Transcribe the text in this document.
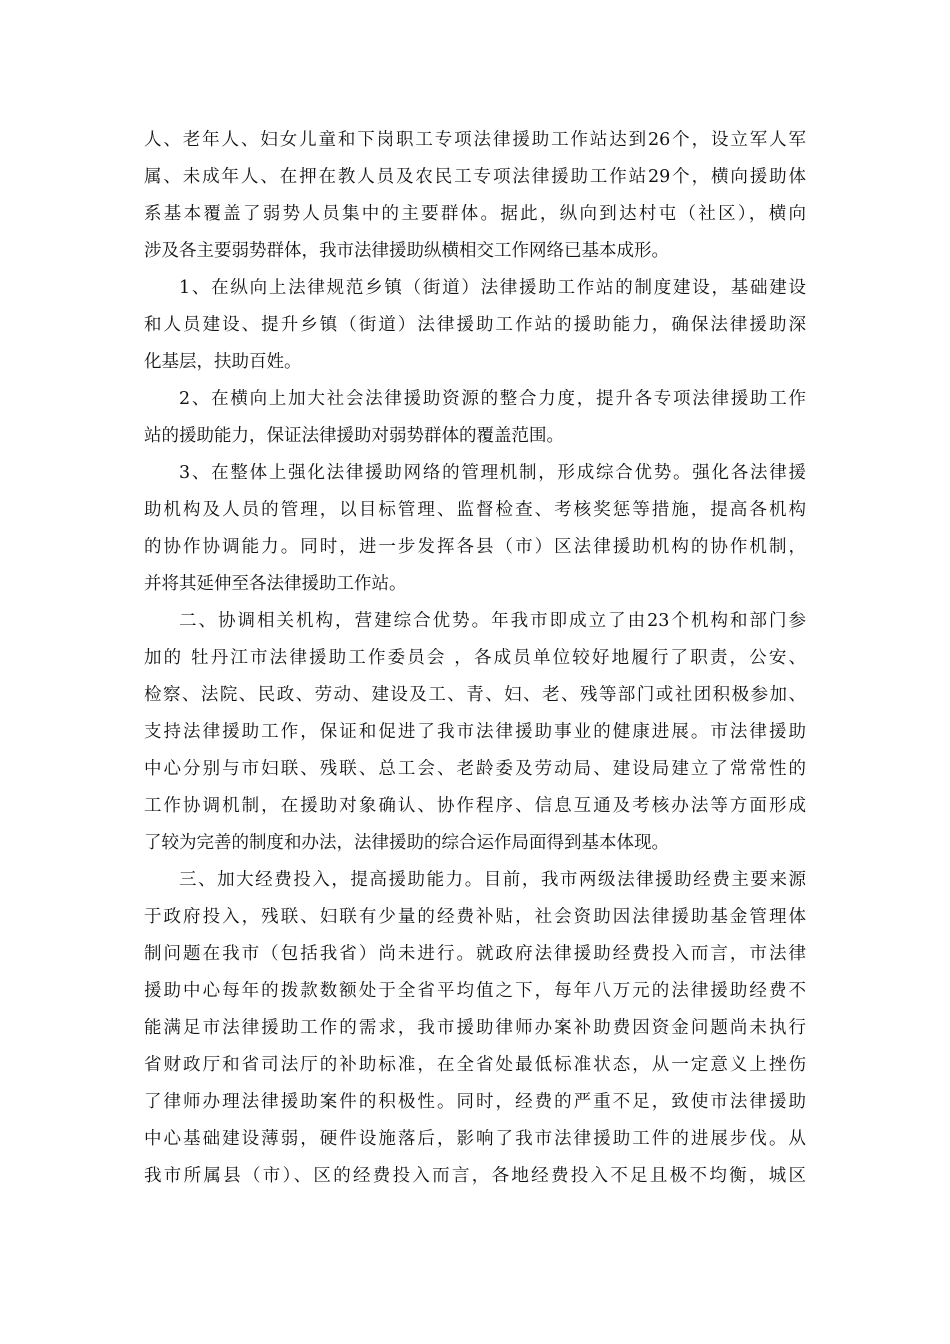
人、老年人、妇女儿童和下岗职工专项法律援助工作站达到26个，设立军人军
属、未成年人、在押在教人员及农民工专项法律援助工作站29个，横向援助体
系基本覆盖了弱势人员集中的主要群体。据此，纵向到达村屯（社区），横向
涉及各主要弱势群体，我市法律援助纵横相交工作网络已基本成形。
1、在纵向上法律规范乡镇（街道）法律援助工作站的制度建设，基础建设
和人员建设、提升乡镇（街道）法律援助工作站的援助能力，确保法律援助深
化基层，扶助百姓。
2、在横向上加大社会法律援助资源的整合力度，提升各专项法律援助工作
站的援助能力，保证法律援助对弱势群体的覆盖范围。
3、在整体上强化法律援助网络的管理机制，形成综合优势。强化各法律援
助机构及人员的管理，以目标管理、监督检查、考核奖惩等措施，提高各机构
的协作协调能力。同时，进一步发挥各县（市）区法律援助机构的协作机制，
并将其延伸至各法律援助工作站。
二、协调相关机构，营建综合优势。年我市即成立了由23个机构和部门参
加的 牡丹江市法律援助工作委员会 ，各成员单位较好地履行了职责，公安、
检察、法院、民政、劳动、建设及工、青、妇、老、残等部门或社团积极参加、
支持法律援助工作，保证和促进了我市法律援助事业的健康进展。市法律援助
中心分别与市妇联、残联、总工会、老龄委及劳动局、建设局建立了常常性的
工作协调机制，在援助对象确认、协作程序、信息互通及考核办法等方面形成
了较为完善的制度和办法，法律援助的综合运作局面得到基本体现。
三、加大经费投入，提高援助能力。目前，我市两级法律援助经费主要来源
于政府投入，残联、妇联有少量的经费补贴，社会资助因法律援助基金管理体
制问题在我市（包括我省）尚未进行。就政府法律援助经费投入而言，市法律
援助中心每年的拨款数额处于全省平均值之下，每年八万元的法律援助经费不
能满足市法律援助工作的需求，我市援助律师办案补助费因资金问题尚未执行
省财政厅和省司法厅的补助标准，在全省处最低标准状态，从一定意义上挫伤
了律师办理法律援助案件的积极性。同时，经费的严重不足，致使市法律援助
中心基础建设薄弱，硬件设施落后，影响了我市法律援助工件的进展步伐。从
我市所属县（市）、区的经费投入而言，各地经费投入不足且极不均衡，城区
